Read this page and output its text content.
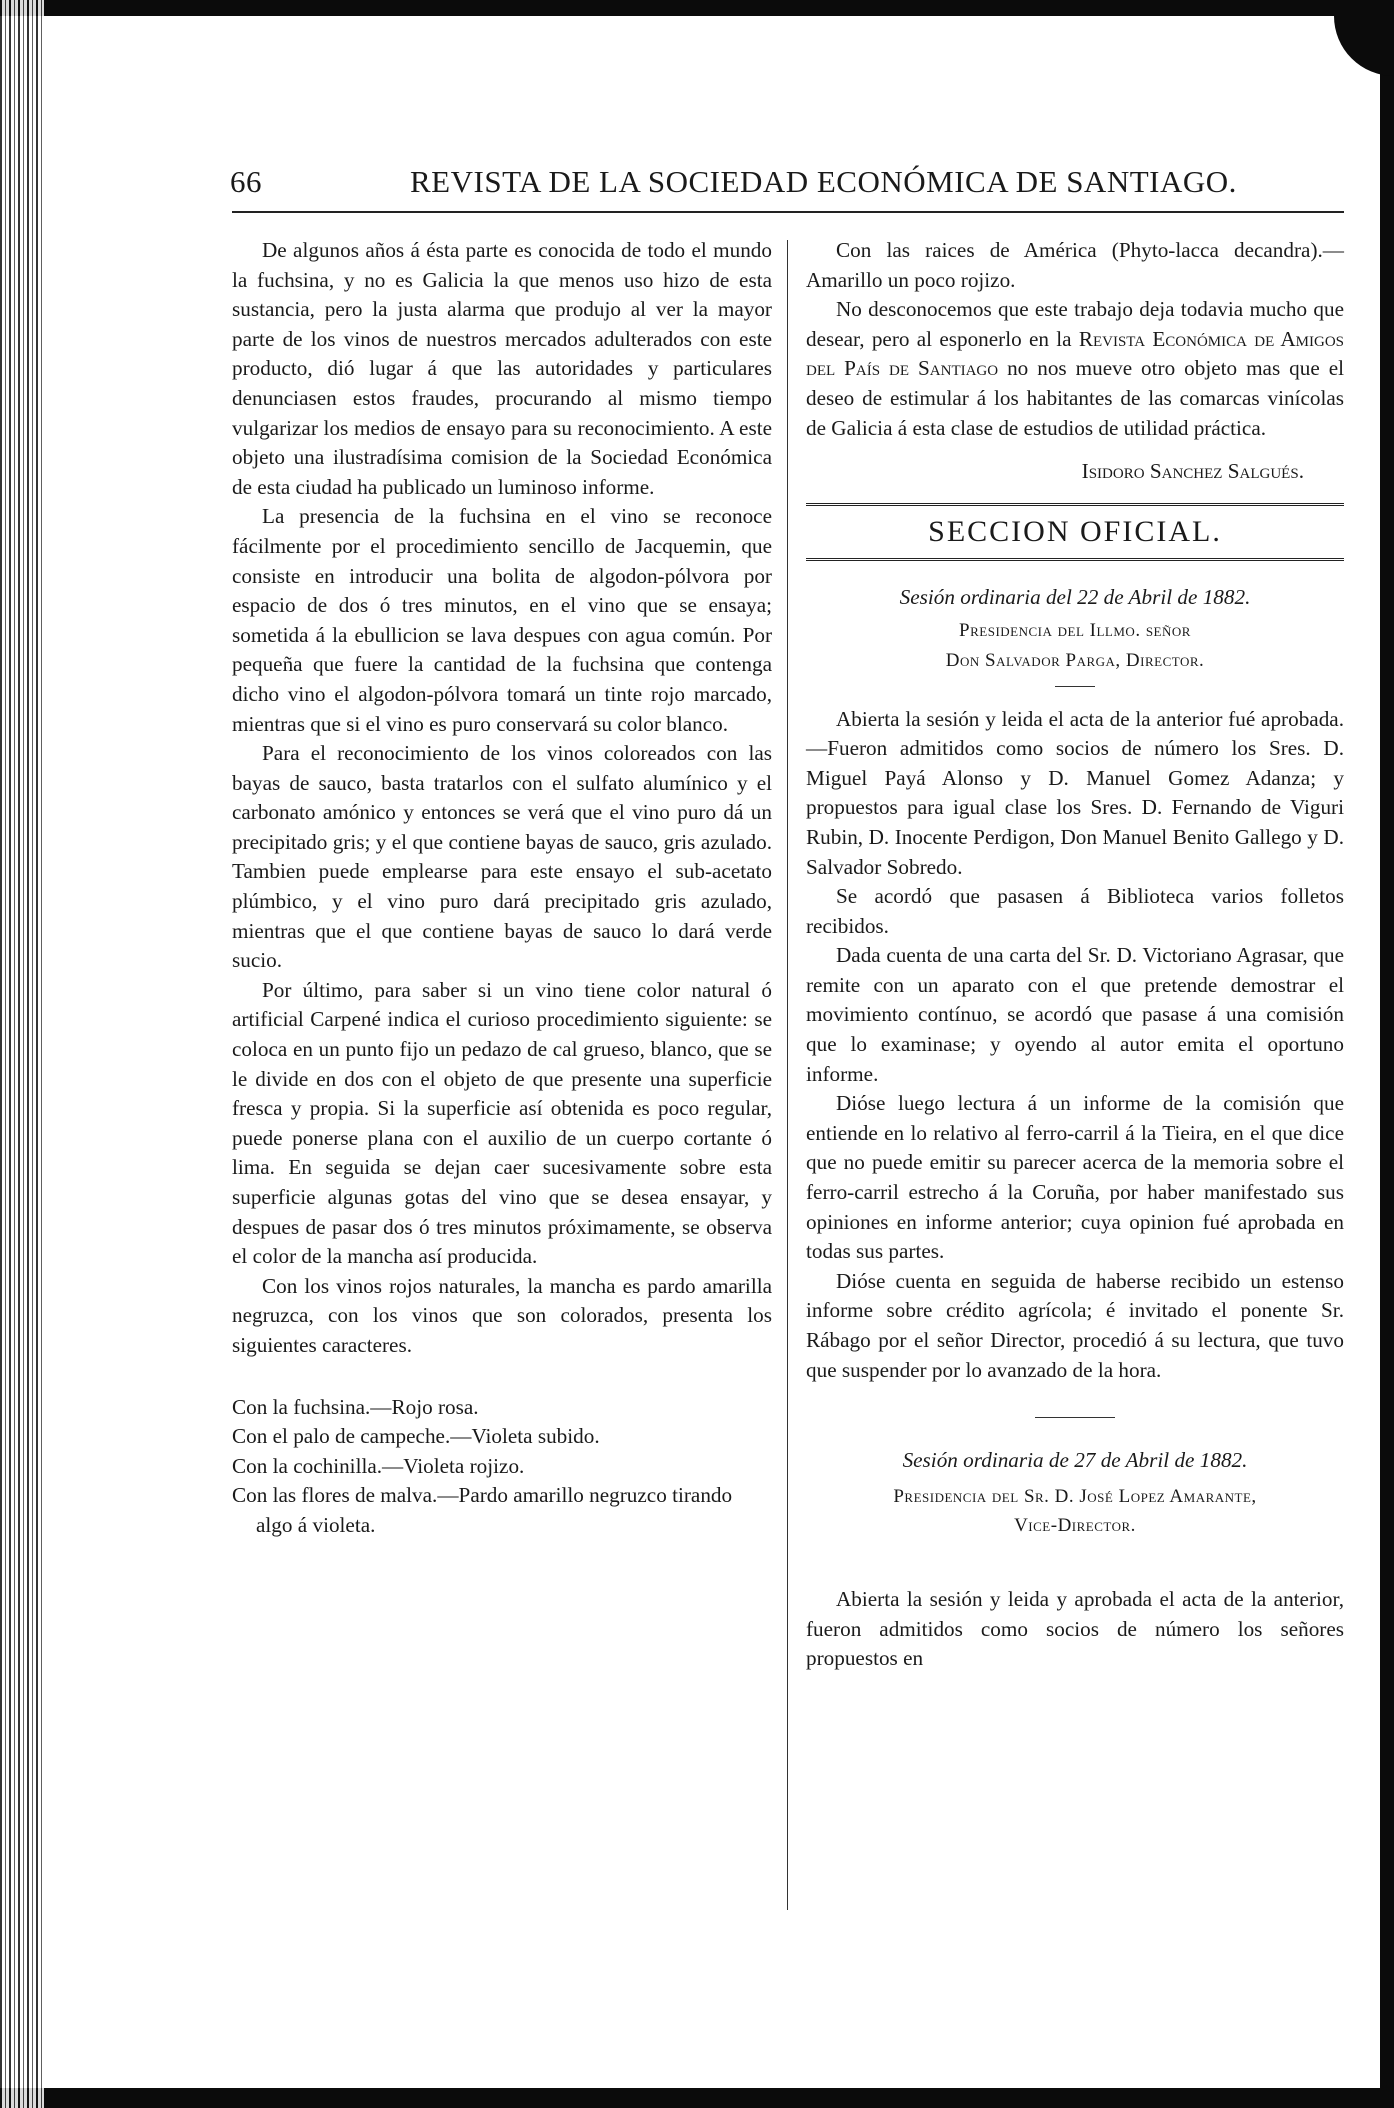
66	REVISTA DE LA SOCIEDAD ECONÓMICA DE SANTIAGO.

De algunos años á ésta parte es conocida de todo el mundo la fuchsina, y no es Galicia la que menos uso hizo de esta sustancia, pero la justa alarma que produjo al ver la mayor parte de los vinos de nuestros mercados adulterados con este producto, dió lugar á que las autoridades y particulares denunciasen estos fraudes, procurando al mismo tiempo vulgarizar los medios de ensayo para su reconocimiento. A este objeto una ilustradísima comision de la Sociedad Económica de esta ciudad ha publicado un luminoso informe.

La presencia de la fuchsina en el vino se reconoce fácilmente por el procedimiento sencillo de Jacquemin, que consiste en introducir una bolita de algodon-pólvora por espacio de dos ó tres minutos, en el vino que se ensaya; sometida á la ebullicion se lava despues con agua común. Por pequeña que fuere la cantidad de la fuchsina que contenga dicho vino el algodon-pólvora tomará un tinte rojo marcado, mientras que si el vino es puro conservará su color blanco.

Para el reconocimiento de los vinos coloreados con las bayas de sauco, basta tratarlos con el sulfato alumínico y el carbonato amónico y entonces se verá que el vino puro dá un precipitado gris; y el que contiene bayas de sauco, gris azulado. Tambien puede emplearse para este ensayo el sub-acetato plúmbico, y el vino puro dará precipitado gris azulado, mientras que el que contiene bayas de sauco lo dará verde sucio.

Por último, para saber si un vino tiene color natural ó artificial Carpené indica el curioso procedimiento siguiente: se coloca en un punto fijo un pedazo de cal grueso, blanco, que se le divide en dos con el objeto de que presente una superficie fresca y propia. Si la superficie así obtenida es poco regular, puede ponerse plana con el auxilio de un cuerpo cortante ó lima. En seguida se dejan caer sucesivamente sobre esta superficie algunas gotas del vino que se desea ensayar, y despues de pasar dos ó tres minutos próximamente, se observa el color de la mancha así producida.

Con los vinos rojos naturales, la mancha es pardo amarilla negruzca, con los vinos que son colorados, presenta los siguientes caracteres.

Con la fuchsina.—Rojo rosa.

Con el palo de campeche.—Violeta subido.

Con la cochinilla.—Violeta rojizo.

Con las flores de malva.—Pardo amarillo negruzco tirando algo á violeta.

Con las raices de América (Phyto-lacca decandra).—Amarillo un poco rojizo.

No desconocemos que este trabajo deja todavia mucho que desear, pero al esponerlo en la Revista Económica de Amigos del País de Santiago no nos mueve otro objeto mas que el deseo de estimular á los habitantes de las comarcas vinícolas de Galicia á esta clase de estudios de utilidad práctica.

Isidoro Sanchez Salgués.

SECCION OFICIAL.

Sesión ordinaria del 22 de Abril de 1882.

Presidencia del Illmo. señor

Don Salvador Parga, Director.

Abierta la sesión y leida el acta de la anterior fué aprobada.—Fueron admitidos como socios de número los Sres. D. Miguel Payá Alonso y D. Manuel Gomez Adanza; y propuestos para igual clase los Sres. D. Fernando de Viguri Rubin, D. Inocente Perdigon, Don Manuel Benito Gallego y D. Salvador Sobredo.

Se acordó que pasasen á Biblioteca varios folletos recibidos.

Dada cuenta de una carta del Sr. D. Victoriano Agrasar, que remite con un aparato con el que pretende demostrar el movimiento contínuo, se acordó que pasase á una comisión que lo examinase; y oyendo al autor emita el oportuno informe.

Dióse luego lectura á un informe de la comisión que entiende en lo relativo al ferro-carril á la Tieira, en el que dice que no puede emitir su parecer acerca de la memoria sobre el ferro-carril estrecho á la Coruña, por haber manifestado sus opiniones en informe anterior; cuya opinion fué aprobada en todas sus partes.

Dióse cuenta en seguida de haberse recibido un estenso informe sobre crédito agrícola; é invitado el ponente Sr. Rábago por el señor Director, procedió á su lectura, que tuvo que suspender por lo avanzado de la hora.

Sesión ordinaria de 27 de Abril de 1882.

Presidencia del Sr. D. José Lopez Amarante,

Vice-Director.

Abierta la sesión y leida y aprobada el acta de la anterior, fueron admitidos como socios de número los señores propuestos en
